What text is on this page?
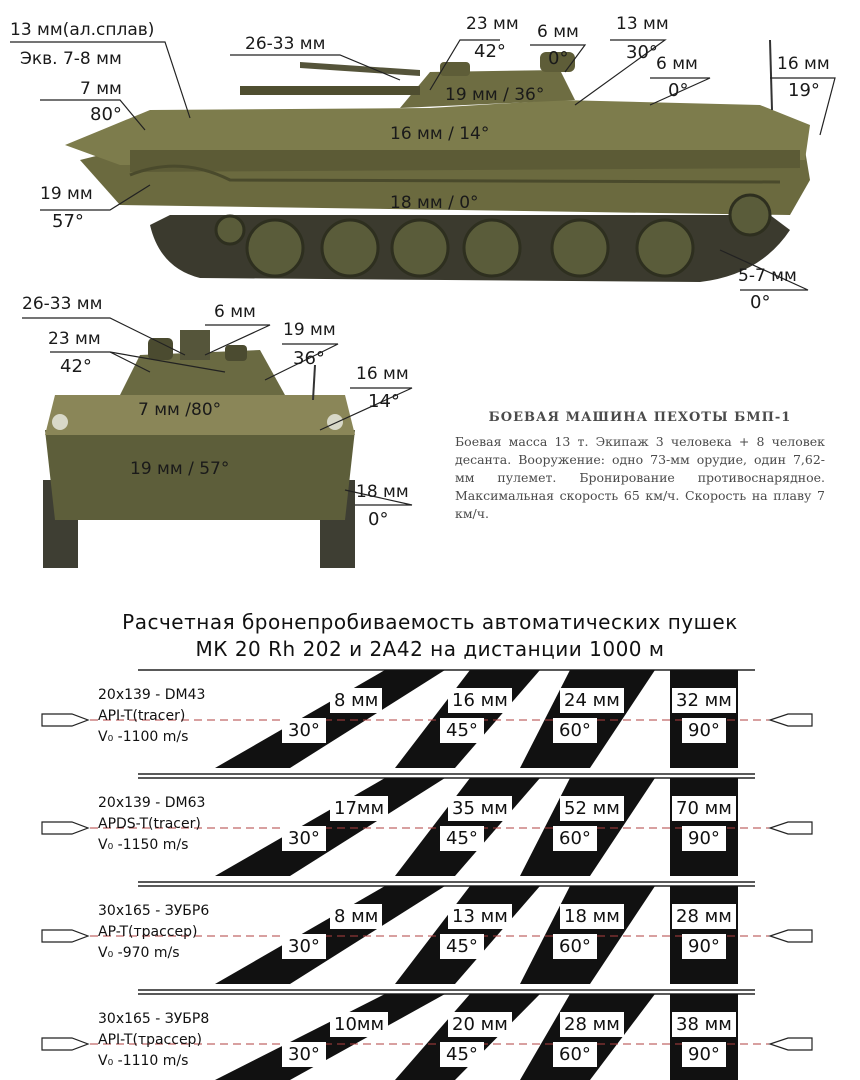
13 мм(ал.сплав)
Экв. 7-8 мм
7 мм
80°
19 мм
57°
26-33 мм
23 мм
42°
6 мм
0°
19 мм / 36°
13 мм
30°
6 мм
0°
16 мм
19°
16 мм / 14°
18 мм / 0°
5-7 мм
0°
26-33 мм	6 мм
23 мм
42°
19 мм
36°
7 мм /80°
16 мм
14°
19 мм / 57°
18 мм
0°
БОЕВАЯ МАШИНА ПЕХОТЫ БМП-1
Боевая масса 13 т. Экипаж 3 человека + 8 человек десанта. Вооружение: одно 73-мм орудие, один 7,62-мм пулемет. Бронирование противоснарядное. Максимальная скорость 65 км/ч. Скорость на плаву 7 км/ч.
Расчетная бронепробиваемость автоматических пушек
МК 20 Rh 202 и 2А42 на дистанции 1000 м
20x139 - DM43
API-T(tracer)
V₀ -1100 m/s
8 мм
30°
16 мм
45°
24 мм
60°
32 мм
90°
20x139 - DM63
APDS-T(tracer)
V₀ -1150 m/s
17мм
30°
35 мм
45°
52 мм
60°
70 мм
90°
30x165 - ЗУБР6
AP-T(трассер)
V₀ -970 m/s
8 мм
30°
13 мм
45°
18 мм
60°
28 мм
90°
30x165 - ЗУБР8
API-T(трассер)
V₀ -1110 m/s
10мм
30°
20 мм
45°
28 мм
60°
38 мм
90°
